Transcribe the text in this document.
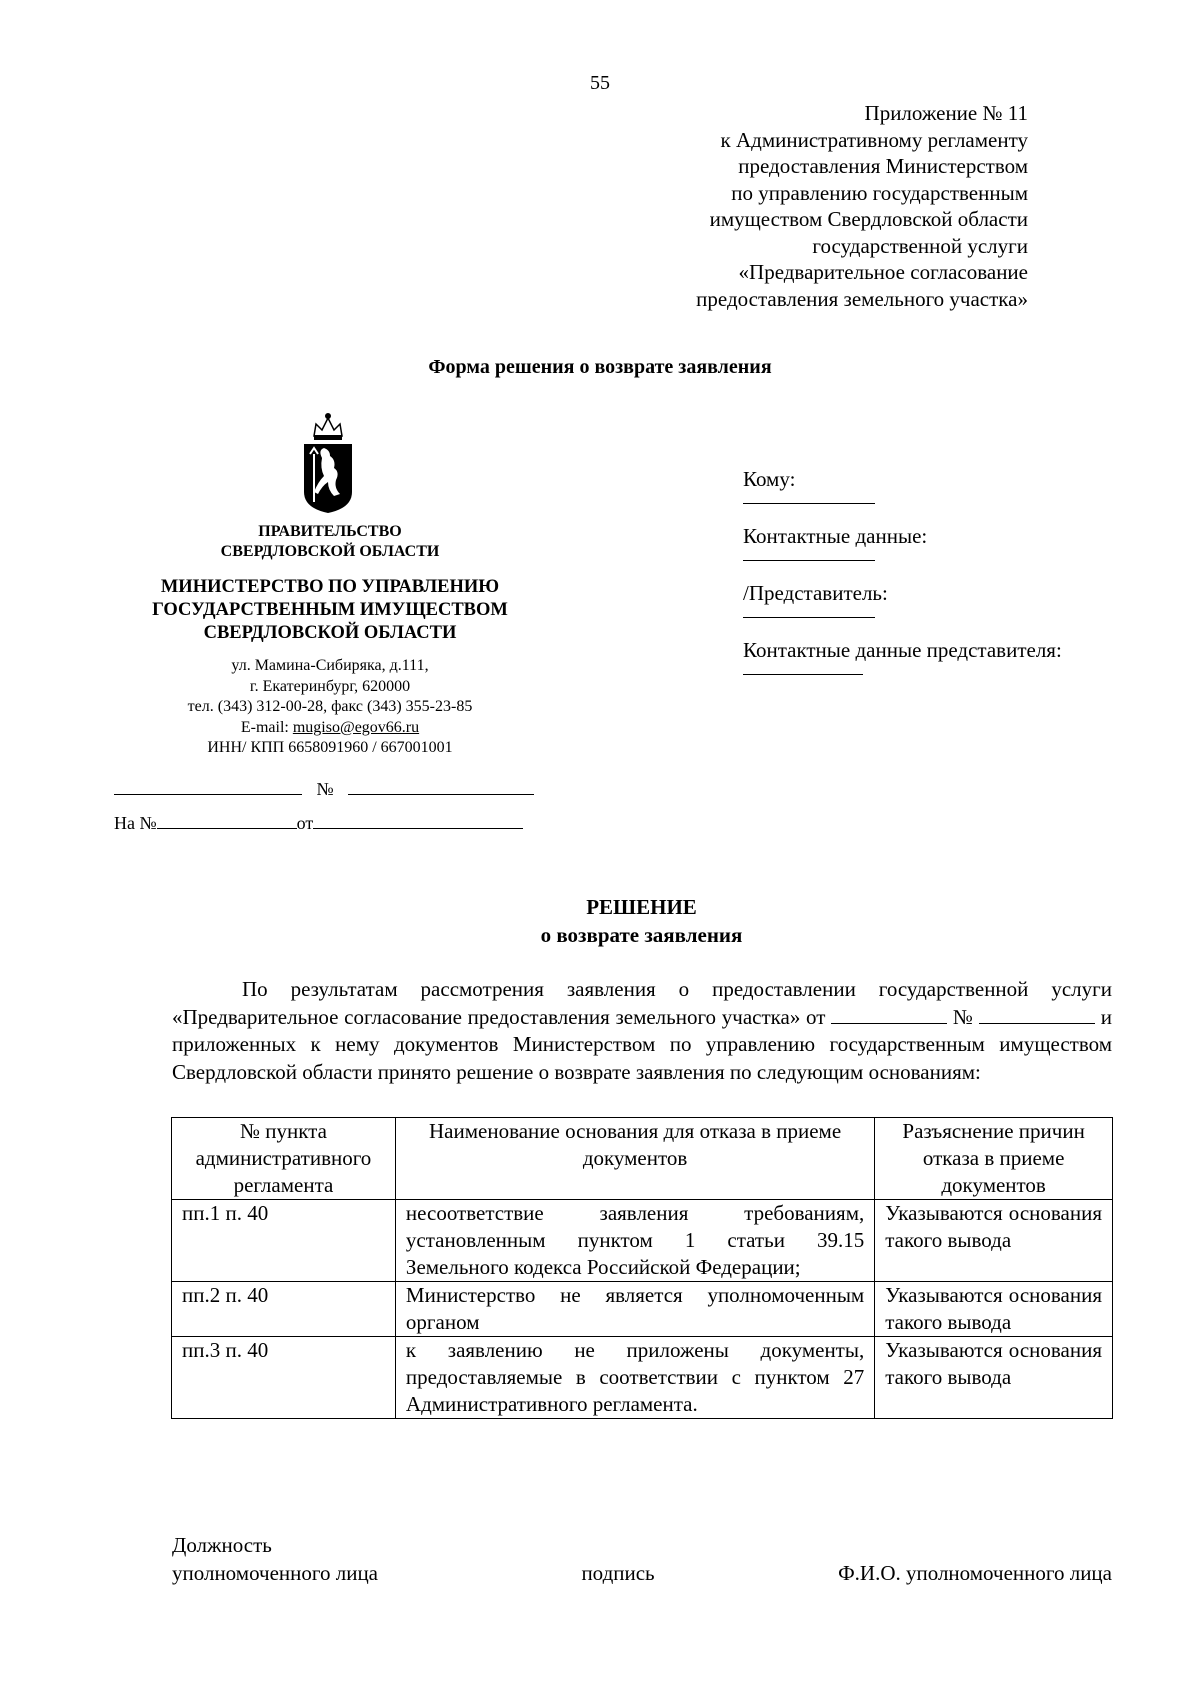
55
Приложение № 11
к Административному регламенту
предоставления Министерством
по управлению государственным
имуществом Свердловской области
государственной услуги
«Предварительное согласование
предоставления земельного участка»
Форма решения о возврате заявления
ПРАВИТЕЛЬСТВО
СВЕРДЛОВСКОЙ ОБЛАСТИ
МИНИСТЕРСТВО ПО УПРАВЛЕНИЮ
ГОСУДАРСТВЕННЫМ ИМУЩЕСТВОМ
СВЕРДЛОВСКОЙ ОБЛАСТИ
ул. Мамина-Сибиряка, д.111,
г. Екатеринбург, 620000
тел. (343) 312-00-28, факс (343) 355-23-85
E-mail: mugiso@egov66.ru
ИНН/ КПП 6658091960 / 667001001
№
На №	от
Кому:
Контактные данные:
/Представитель:
Контактные данные представителя:
РЕШЕНИЕ
о возврате заявления

По результатам рассмотрения заявления о предоставлении государственной услуги «Предварительное согласование предоставления земельного участка» от	№	и приложенных к нему документов Министерством по управлению государственным имуществом Свердловской области принято решение о возврате заявления по следующим основаниям:

№ пункта административного регламента	Наименование основания для отказа в приеме документов	Разъяснение причин отказа в приеме документов
пп.1 п. 40	несоответствие заявления требованиям, установленным пунктом 1 статьи 39.15 Земельного кодекса Российской Федерации;	Указываются основания такого вывода
пп.2 п. 40	Министерство не является уполномоченным органом	Указываются основания такого вывода
пп.3 п. 40	к заявлению не приложены документы, предоставляемые в соответствии с пунктом 27 Административного регламента.	Указываются основания такого вывода
Должность
уполномоченного лица	подпись	Ф.И.О. уполномоченного лица
